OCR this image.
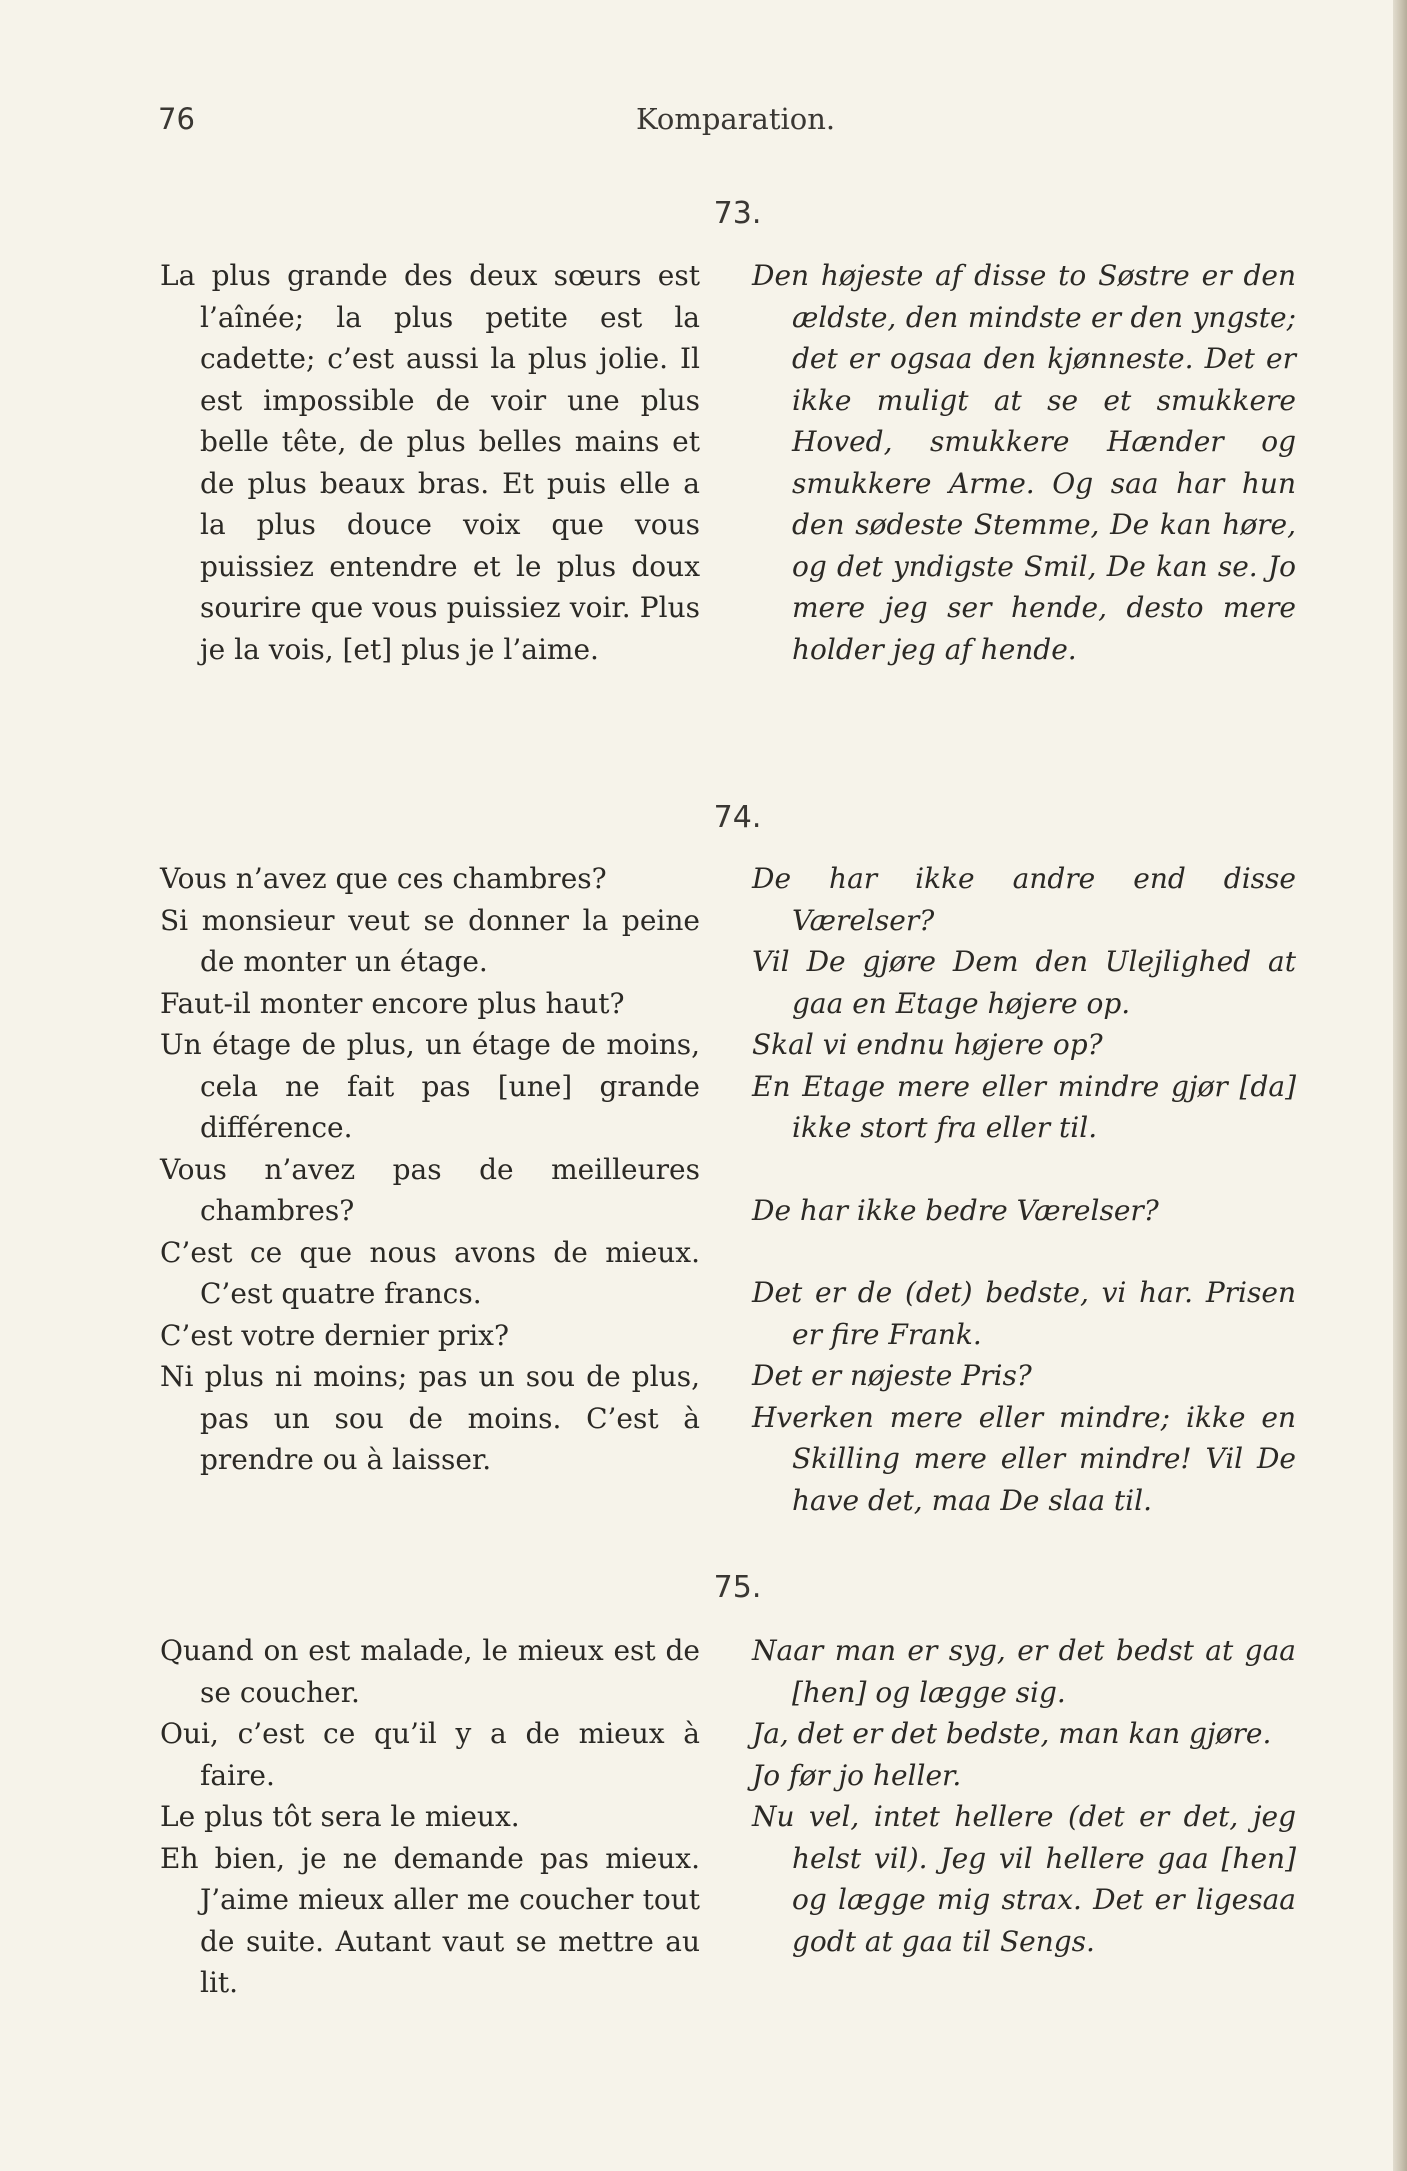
76	Komparation.
73.

La plus grande des deux sœurs est l’aînée; la plus petite est la cadette; c’est aussi la plus jolie. Il est impossible de voir une plus belle tête, de plus belles mains et de plus beaux bras. Et puis elle a la plus douce voix que vous puissiez entendre et le plus doux sourire que vous puissiez voir. Plus je la vois, [et] plus je l’aime.

Den højeste af disse to Søstre er den ældste, den mindste er den yngste; det er ogsaa den kjønneste. Det er ikke muligt at se et smukkere Hoved, smukkere Hænder og smukkere Arme. Og saa har hun den sødeste Stemme, De kan høre, og det yndigste Smil, De kan se. Jo mere jeg ser hende, desto mere holder jeg af hende.

74.

Vous n’avez que ces chambres?

Si monsieur veut se donner la peine de monter un étage.

Faut-il monter encore plus haut?

Un étage de plus, un étage de moins, cela ne fait pas [une] grande différence.

Vous n’avez pas de meilleures chambres?

C’est ce que nous avons de mieux. C’est quatre francs.

C’est votre dernier prix?

Ni plus ni moins; pas un sou de plus, pas un sou de moins. C’est à prendre ou à laisser.

De har ikke andre end disse Værelser?

Vil De gjøre Dem den Ulejlighed at gaa en Etage højere op.

Skal vi endnu højere op?

En Etage mere eller mindre gjør [da] ikke stort fra eller til.

De har ikke bedre Værelser?

Det er de (det) bedste, vi har. Prisen er fire Frank.

Det er nøjeste Pris?

Hverken mere eller mindre; ikke en Skilling mere eller mindre! Vil De have det, maa De slaa til.

75.

Quand on est malade, le mieux est de se coucher.

Oui, c’est ce qu’il y a de mieux à faire.

Le plus tôt sera le mieux.

Eh bien, je ne demande pas mieux. J’aime mieux aller me coucher tout de suite. Autant vaut se mettre au lit.

Naar man er syg, er det bedst at gaa [hen] og lægge sig.

Ja, det er det bedste, man kan gjøre.

Jo før jo heller.

Nu vel, intet hellere (det er det, jeg helst vil). Jeg vil hellere gaa [hen] og lægge mig strax. Det er ligesaa godt at gaa til Sengs.
